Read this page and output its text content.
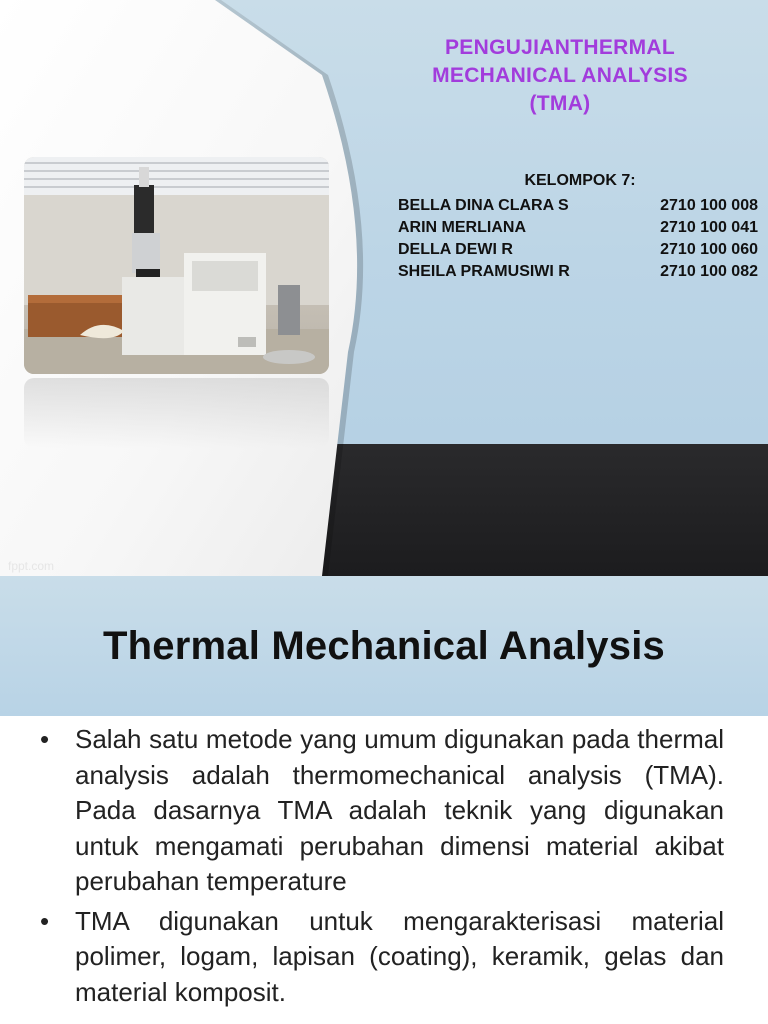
PENGUJIANTHERMAL
MECHANICAL ANALYSIS
(TMA)
KELOMPOK 7:
BELLA DINA CLARA S	2710 100 008
ARIN MERLIANA	2710 100 041
DELLA DEWI R	2710 100 060
SHEILA PRAMUSIWI R	2710 100 082
fppt.com
Thermal Mechanical Analysis
• Salah satu metode yang umum digunakan pada thermal analysis adalah thermomechanical analysis (TMA). Pada dasarnya TMA adalah teknik yang digunakan untuk mengamati perubahan dimensi material akibat perubahan temperature
• TMA digunakan untuk mengarakterisasi material polimer, logam, lapisan (coating), keramik, gelas dan material komposit.
